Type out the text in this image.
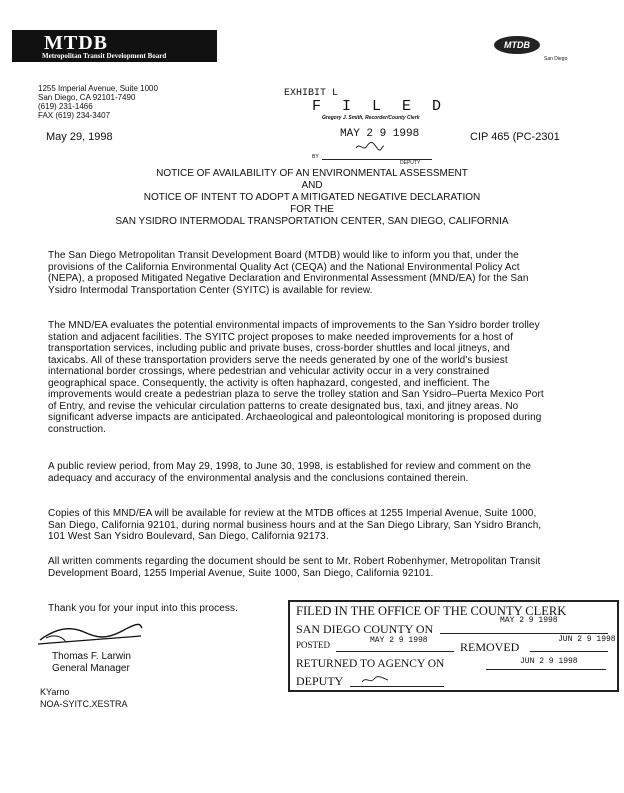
MTDB
Metropolitan Transit Development Board
MTDB
San Diego
1255 Imperial Avenue, Suite 1000
San Diego, CA 92101-7490
(619) 231-1466
FAX (619) 234-3407
EXHIBIT L
F I L E D
Gregory J. Smith, Recorder/County Clerk
MAY 2 9 1998
BY
DEPUTY
May 29, 1998	CIP 465 (PC-2301
NOTICE OF AVAILABILITY OF AN ENVIRONMENTAL ASSESSMENT
AND
NOTICE OF INTENT TO ADOPT A MITIGATED NEGATIVE DECLARATION
FOR THE
SAN YSIDRO INTERMODAL TRANSPORTATION CENTER, SAN DIEGO, CALIFORNIA

The San Diego Metropolitan Transit Development Board (MTDB) would like to inform you that, under the provisions of the California Environmental Quality Act (CEQA) and the National Environmental Policy Act (NEPA), a proposed Mitigated Negative Declaration and Environmental Assessment (MND/EA) for the San Ysidro Intermodal Transportation Center (SYITC) is available for review.

The MND/EA evaluates the potential environmental impacts of improvements to the San Ysidro border trolley station and adjacent facilities. The SYITC project proposes to make needed improvements for a host of transportation services, including public and private buses, cross-border shuttles and local jitneys, and taxicabs. All of these transportation providers serve the needs generated by one of the world's busiest international border crossings, where pedestrian and vehicular activity occur in a very constrained geographical space. Consequently, the activity is often haphazard, congested, and inefficient. The improvements would create a pedestrian plaza to serve the trolley station and San Ysidro–Puerta Mexico Port of Entry, and revise the vehicular circulation patterns to create designated bus, taxi, and jitney areas. No significant adverse impacts are anticipated. Archaeological and paleontological monitoring is proposed during construction.

A public review period, from May 29, 1998, to June 30, 1998, is established for review and comment on the adequacy and accuracy of the environmental analysis and the conclusions contained therein.

Copies of this MND/EA will be available for review at the MTDB offices at 1255 Imperial Avenue, Suite 1000, San Diego, California 92101, during normal business hours and at the San Diego Library, San Ysidro Branch, 101 West San Ysidro Boulevard, San Diego, California 92173.

All written comments regarding the document should be sent to Mr. Robert Robenhymer, Metropolitan Transit Development Board, 1255 Imperial Avenue, Suite 1000, San Diego, California 92101.

Thank you for your input into this process.

Thomas F. Larwin
General Manager
KYarno
NOA-SYITC.XESTRA
FILED IN THE OFFICE OF THE COUNTY CLERK
SAN DIEGO COUNTY ON
MAY 2 9 1998
POSTED	MAY 2 9 1998	REMOVED
JUN 2 9 1998
RETURNED TO AGENCY ON	JUN 2 9 1998
DEPUTY
